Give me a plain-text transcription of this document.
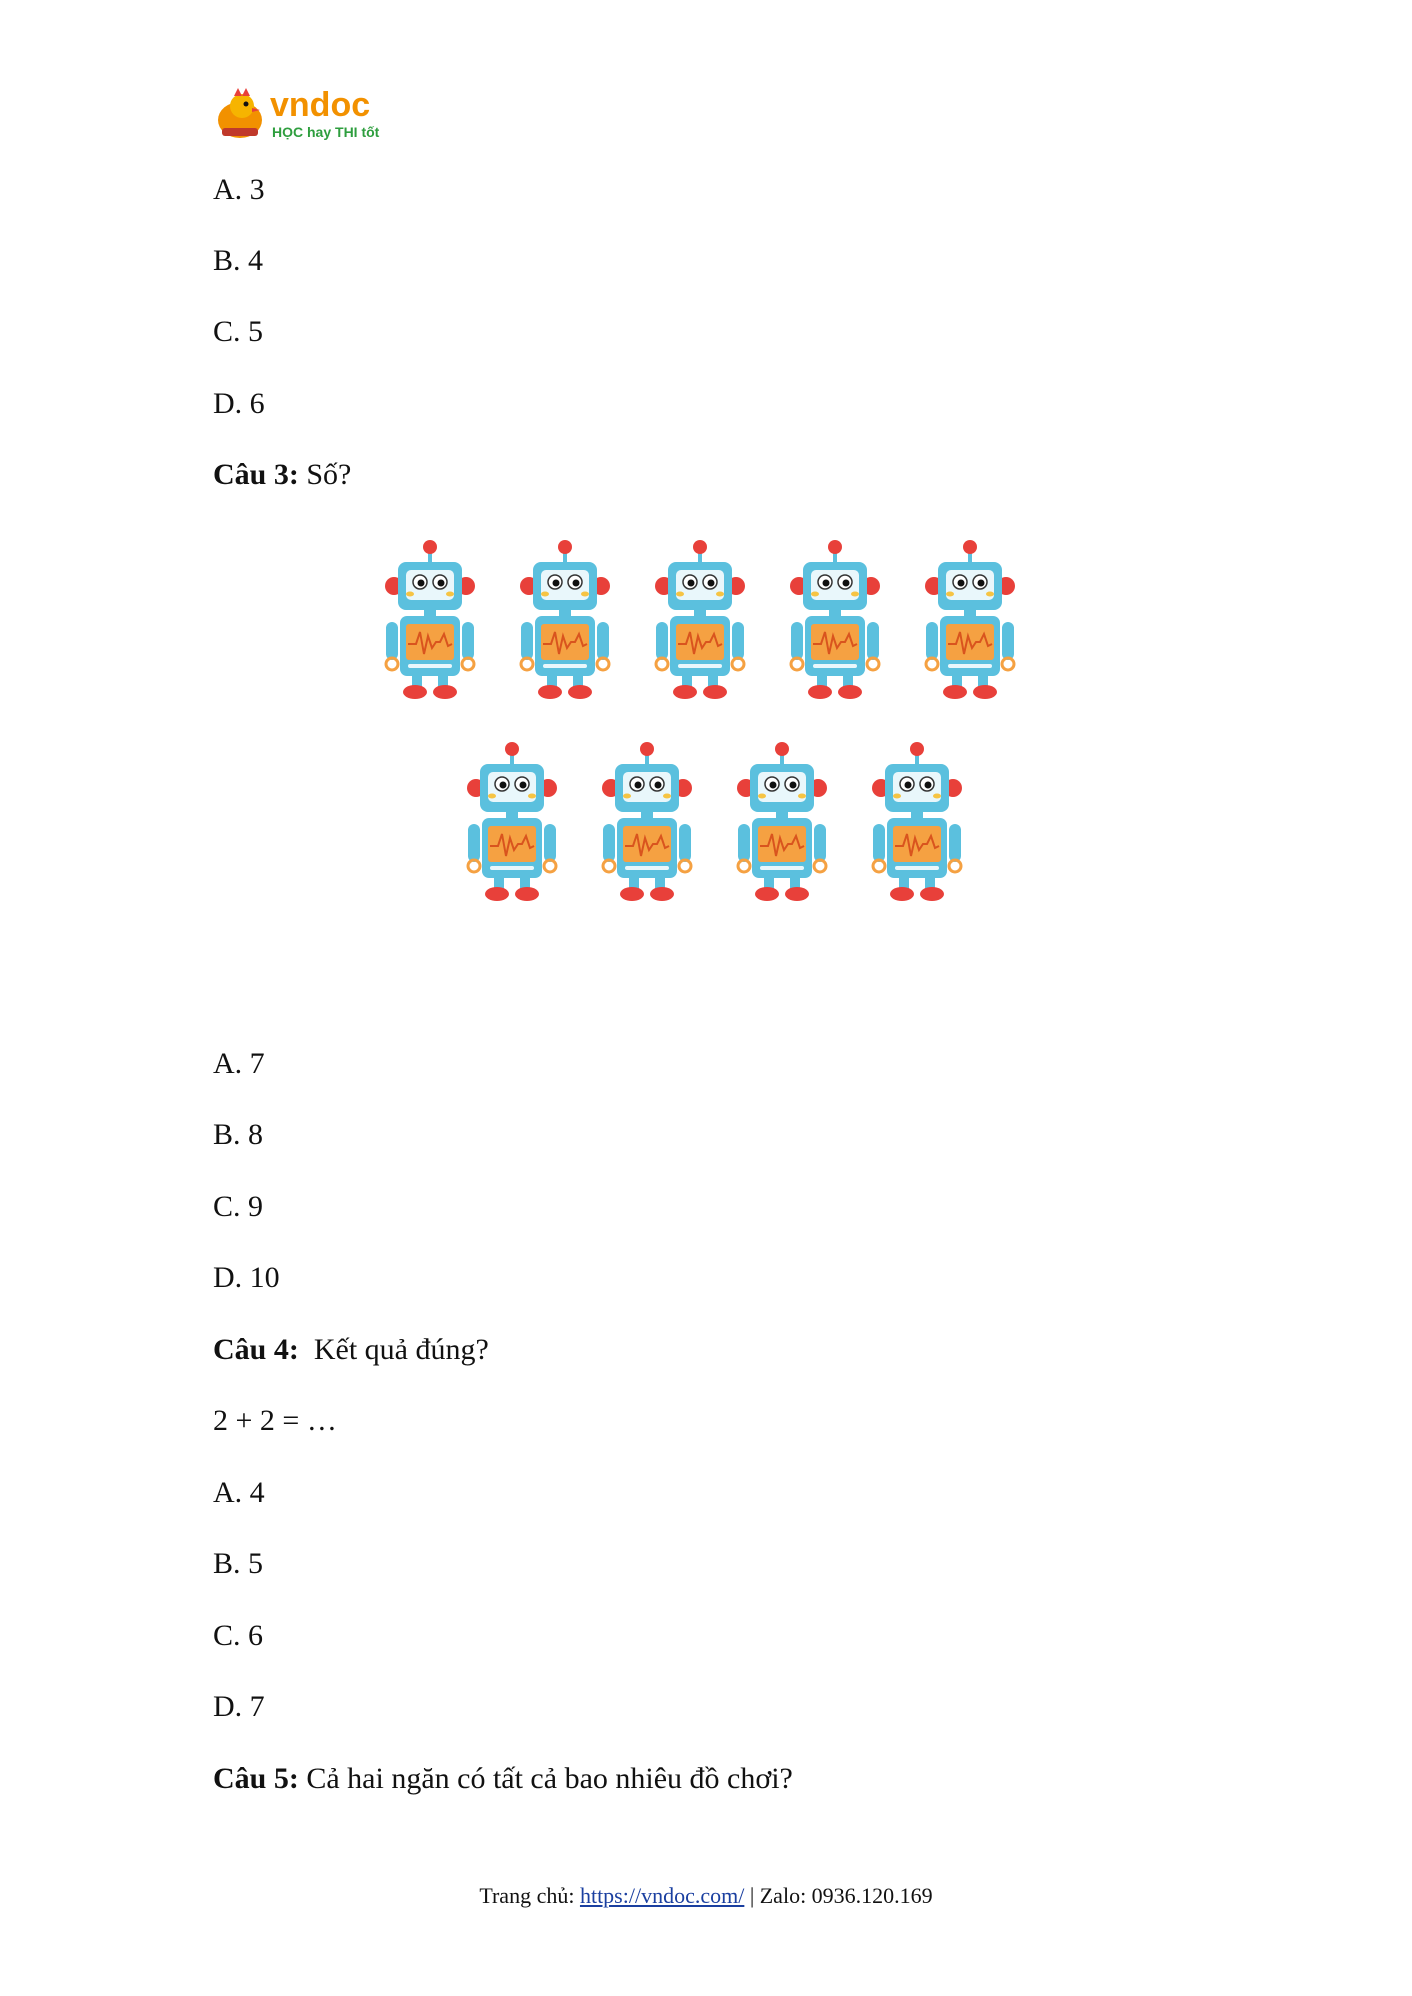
vndoc
HỌC hay THI tốt
A. 3
B. 4
C. 5
D. 6
Câu 3: Số?
A. 7
B. 8
C. 9
D. 10
Câu 4:  Kết quả đúng?
2 + 2 = …
A. 4
B. 5
C. 6
D. 7
Câu 5: Cả hai ngăn có tất cả bao nhiêu đồ chơi?
Trang chủ: https://vndoc.com/ | Zalo: 0936.120.169
